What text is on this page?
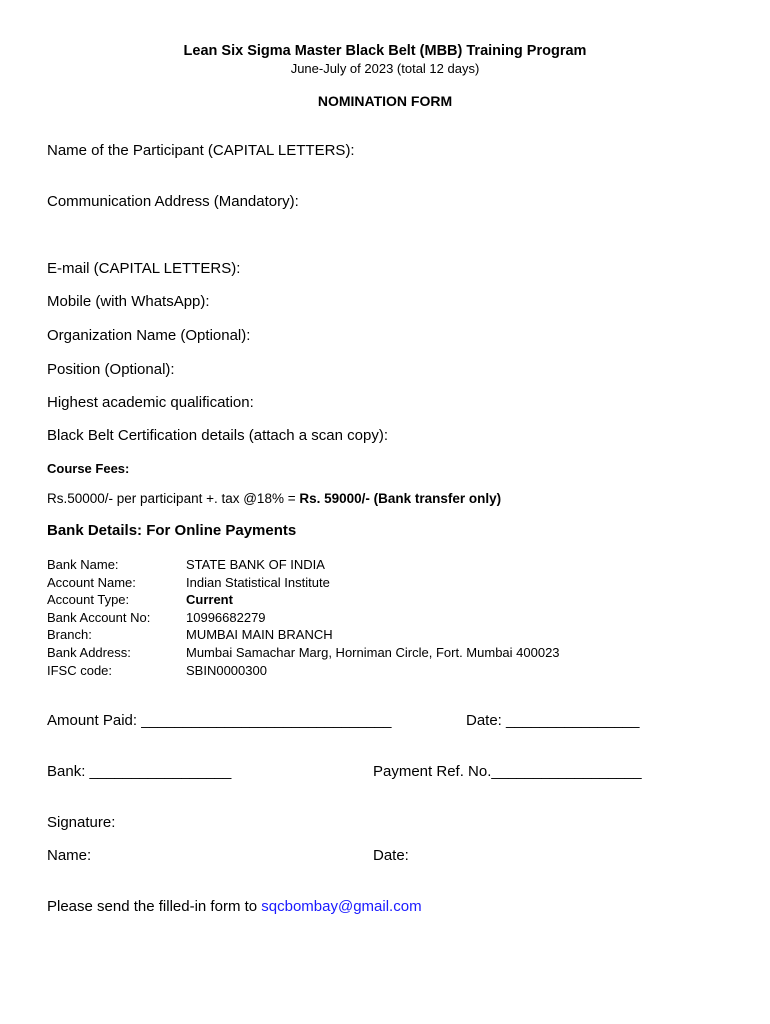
Lean Six Sigma Master Black Belt (MBB) Training Program
June-July of 2023 (total 12 days)
NOMINATION FORM
Name of the Participant (CAPITAL LETTERS):
Communication Address (Mandatory):
E-mail (CAPITAL LETTERS):
Mobile (with WhatsApp):
Organization Name (Optional):
Position (Optional):
Highest academic qualification:
Black Belt Certification details (attach a scan copy):
Course Fees:
Rs.50000/- per participant +. tax @18% = Rs. 59000/- (Bank transfer only)
Bank Details: For Online Payments
Bank Name:	STATE BANK OF INDIA
Account Name:	Indian Statistical Institute
Account Type:	Current
Bank Account No:	10996682279
Branch:	MUMBAI MAIN BRANCH
Bank Address:	Mumbai Samachar Marg, Horniman Circle, Fort. Mumbai 400023
IFSC code:	SBIN0000300
Amount Paid: ______________________________	Date: ________________
Bank: _________________	Payment Ref. No.__________________
Signature:
Name:	Date:
Please send the filled-in form to sqcbombay@gmail.com
